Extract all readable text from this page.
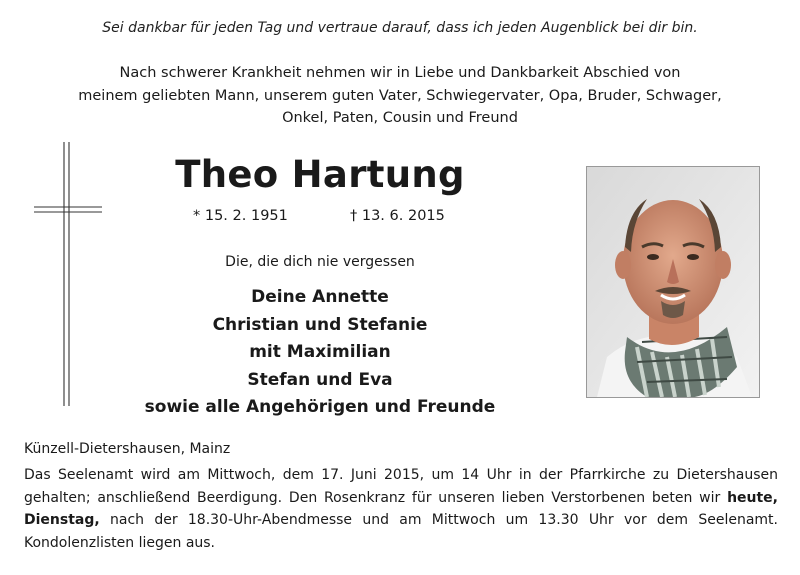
Sei dankbar für jeden Tag und vertraue darauf, dass ich jeden Augenblick bei dir bin.
Nach schwerer Krankheit nehmen wir in Liebe und Dankbarkeit Abschied von
meinem geliebten Mann, unserem guten Vater, Schwiegervater, Opa, Bruder, Schwager,
Onkel, Paten, Cousin und Freund
Theo Hartung
* 15. 2. 1951	† 13. 6. 2015
Die, die dich nie vergessen
Deine Annette
Christian und Stefanie
mit Maximilian
Stefan und Eva
sowie alle Angehörigen und Freunde
Künzell-Dietershausen, Mainz
Das Seelenamt wird am Mittwoch, dem 17. Juni 2015, um 14 Uhr in der Pfarrkirche zu Dietershausen gehalten; anschließend Beerdigung. Den Rosenkranz für unseren lieben Verstorbenen beten wir heute, Dienstag, nach der 18.30-Uhr-Abendmesse und am Mittwoch um 13.30 Uhr vor dem Seelenamt. Kondolenzlisten liegen aus.
